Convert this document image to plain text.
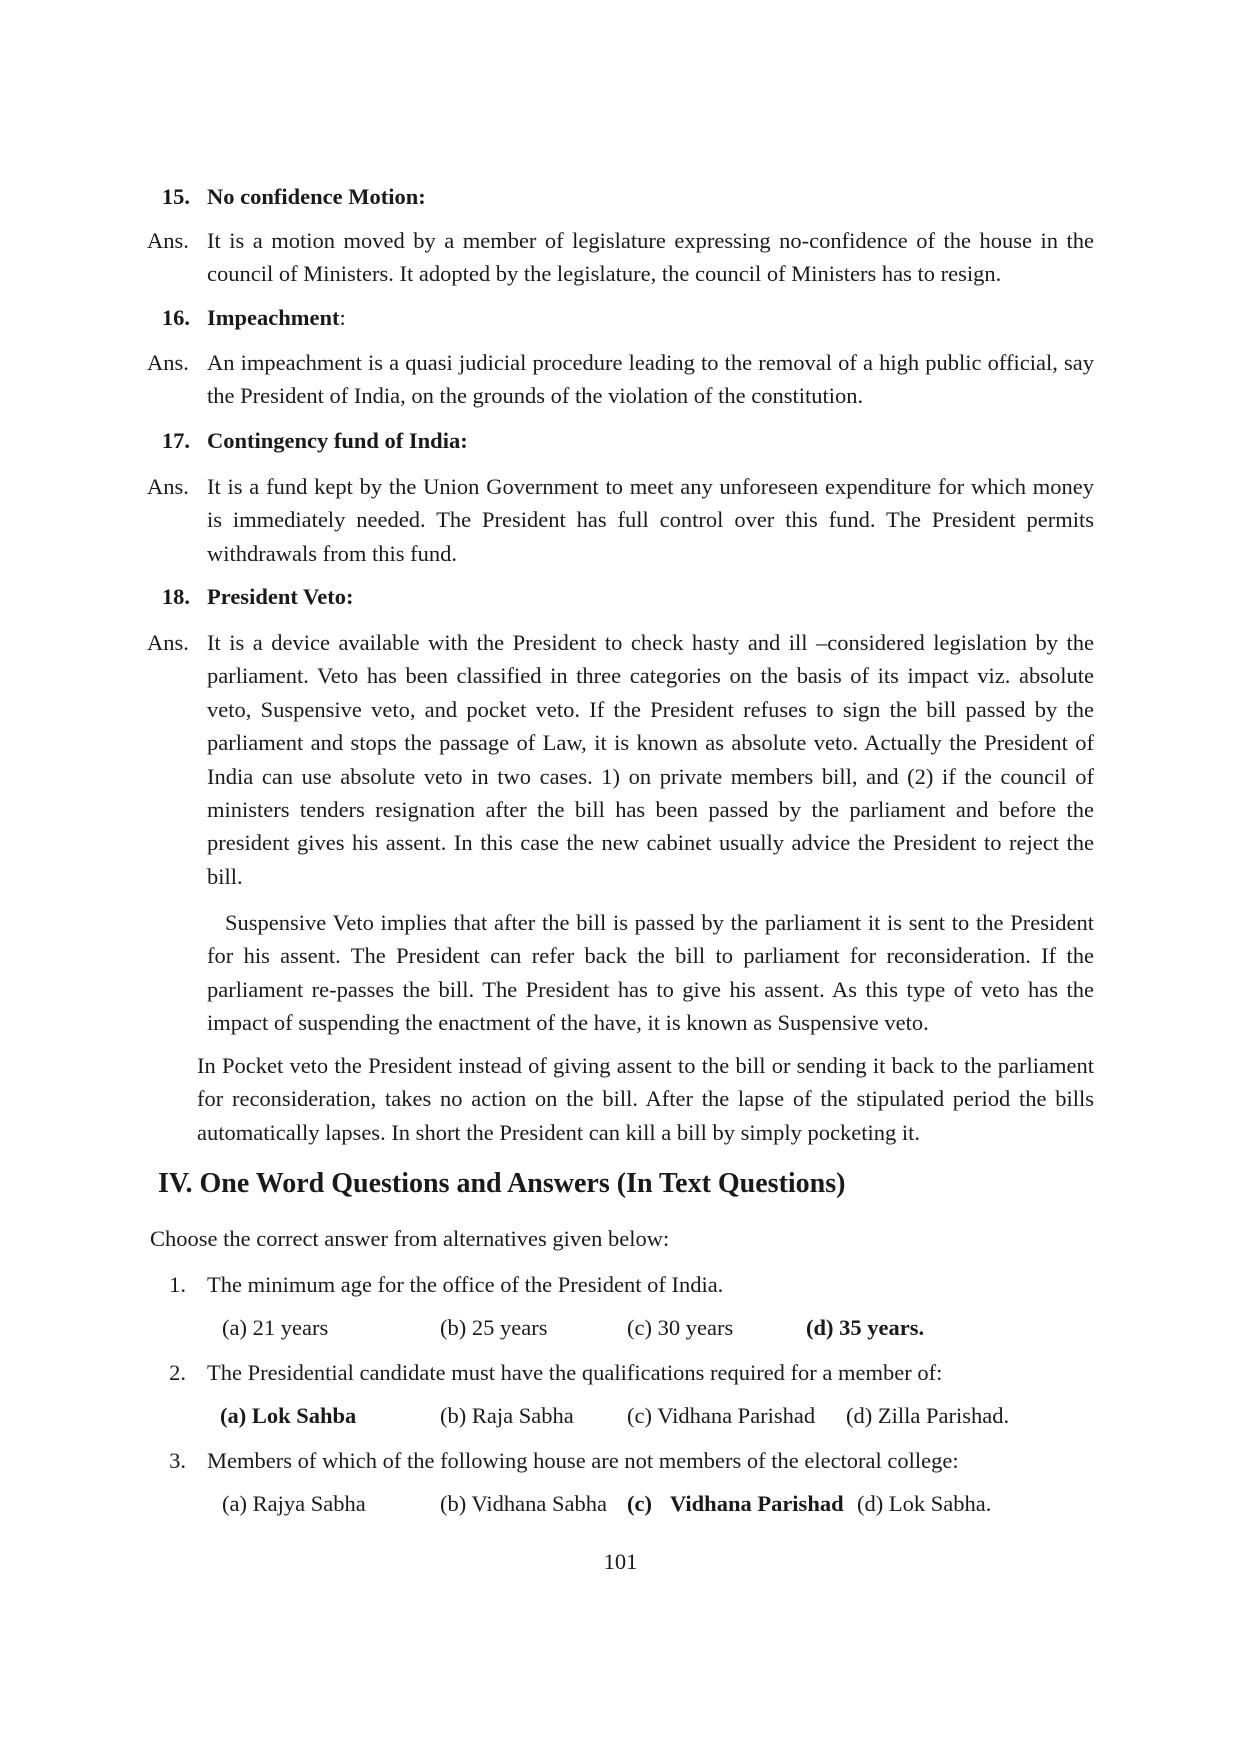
15. No confidence Motion:
Ans. It is a motion moved by a member of legislature expressing no-confidence of the house in the council of Ministers. It adopted by the legislature, the council of Ministers has to resign.
16. Impeachment:
Ans. An impeachment is a quasi judicial procedure leading to the removal of a high public official, say the President of India, on the grounds of the violation of the constitution.
17. Contingency fund of India:
Ans. It is a fund kept by the Union Government to meet any unforeseen expenditure for which money is immediately needed. The President has full control over this fund. The President permits withdrawals from this fund.
18. President Veto:
Ans. It is a device available with the President to check hasty and ill –considered legislation by the parliament. Veto has been classified in three categories on the basis of its impact viz. absolute veto, Suspensive veto, and pocket veto. If the President refuses to sign the bill passed by the parliament and stops the passage of Law, it is known as absolute veto. Actually the President of India can use absolute veto in two cases. 1) on private members bill, and (2) if the council of ministers tenders resignation after the bill has been passed by the parliament and before the president gives his assent. In this case the new cabinet usually advice the President to reject the bill.
Suspensive Veto implies that after the bill is passed by the parliament it is sent to the President for his assent. The President can refer back the bill to parliament for reconsideration. If the parliament re-passes the bill. The President has to give his assent. As this type of veto has the impact of suspending the enactment of the have, it is known as Suspensive veto.
In Pocket veto the President instead of giving assent to the bill or sending it back to the parliament for reconsideration, takes no action on the bill. After the lapse of the stipulated period the bills automatically lapses. In short the President can kill a bill by simply pocketing it.
IV. One Word Questions and Answers (In Text Questions)
Choose the correct answer from alternatives given below:
1. The minimum age for the office of the President of India.
(a) 21 years	(b) 25 years	(c) 30 years	(d) 35 years.
2. The Presidential candidate must have the qualifications required for a member of:
(a) Lok Sahba	(b) Raja Sabha (c) Vidhana Parishad (d) Zilla Parishad.
3. Members of which of the following house are not members of the electoral college:
(a) Rajya Sabha	(b) Vidhana Sabha (c) Vidhana Parishad (d) Lok Sabha.
101
